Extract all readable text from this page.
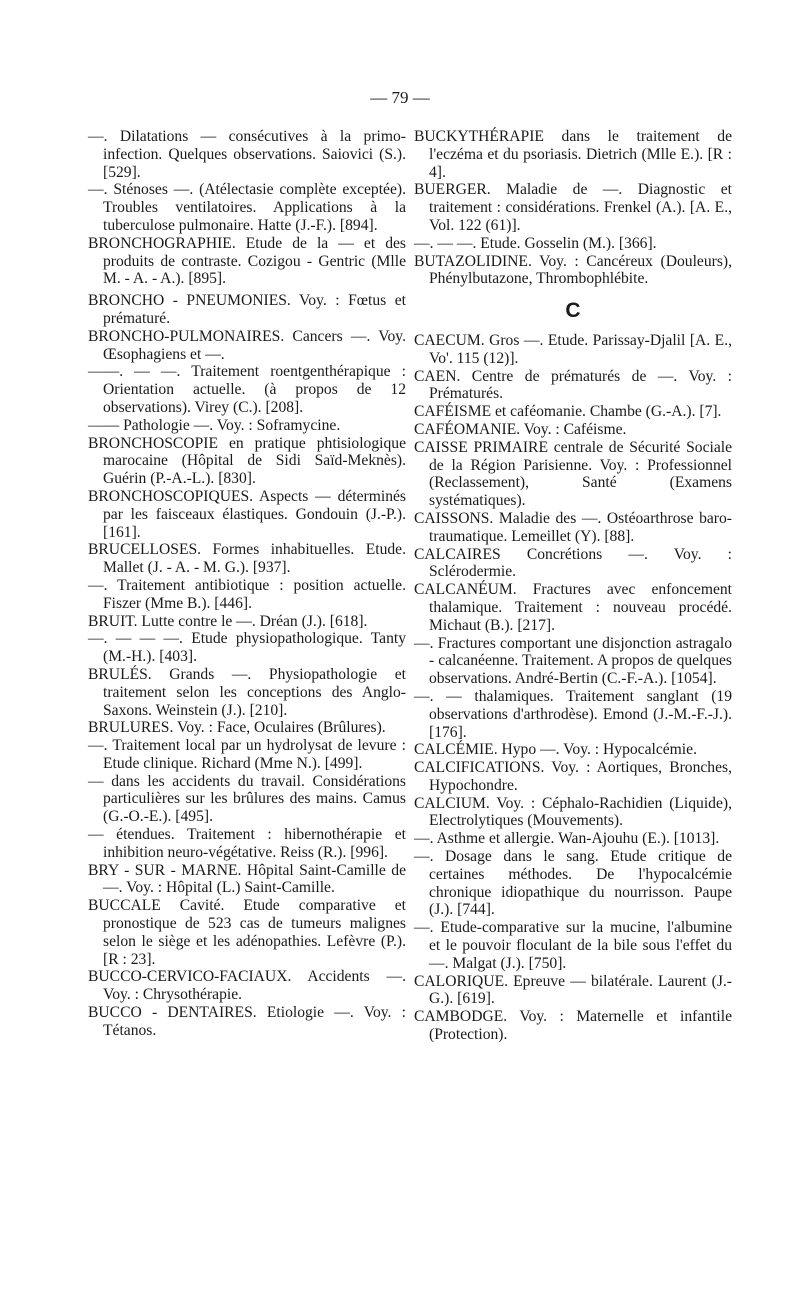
— 79 —

—. Dilatations — consécutives à la primo-infection. Quelques observations. Saiovici (S.). [529].

—. Sténoses —. (Atélectasie complète exceptée). Troubles ventilatoires. Applications à la tuberculose pulmonaire. Hatte (J.-F.). [894].

BRONCHOGRAPHIE. Etude de la — et des produits de contraste. Cozigou - Gentric (Mlle M. - A. - A.). [895].

BRONCHO - PNEUMONIES. Voy. : Fœtus et prématuré.

BRONCHO-PULMONAIRES. Cancers —. Voy. Œsophagiens et —.

——. — —. Traitement roentgenthérapique : Orientation actuelle. (à propos de 12 observations). Virey (C.). [208].

—— Pathologie —. Voy. : Soframycine.

BRONCHOSCOPIE en pratique phtisiologique marocaine (Hôpital de Sidi Saïd-Meknès). Guérin (P.-A.-L.). [830].

BRONCHOSCOPIQUES. Aspects — déterminés par les faisceaux élastiques. Gondouin (J.-P.). [161].

BRUCELLOSES. Formes inhabituelles. Etude. Mallet (J. - A. - M. G.). [937].

—. Traitement antibiotique : position actuelle. Fiszer (Mme B.). [446].

BRUIT. Lutte contre le —. Dréan (J.). [618].

—. — — —. Etude physiopathologique. Tanty (M.-H.). [403].

BRULÉS. Grands —. Physiopathologie et traitement selon les conceptions des Anglo-Saxons. Weinstein (J.). [210].

BRULURES. Voy. : Face, Oculaires (Brûlures).

—. Traitement local par un hydrolysat de levure : Etude clinique. Richard (Mme N.). [499].

— dans les accidents du travail. Considérations particulières sur les brûlures des mains. Camus (G.-O.-E.). [495].

— étendues. Traitement : hibernothérapie et inhibition neuro-végétative. Reiss (R.). [996].

BRY - SUR - MARNE. Hôpital Saint-Camille de —. Voy. : Hôpital (L.) Saint-Camille.

BUCCALE Cavité. Etude comparative et pronostique de 523 cas de tumeurs malignes selon le siège et les adénopathies. Lefèvre (P.). [R : 23].

BUCCO-CERVICO-FACIAUX. Accidents —. Voy. : Chrysothérapie.

BUCCO - DENTAIRES. Etiologie —. Voy. : Tétanos.

BUCKYTHÉRAPIE dans le traitement de l'eczéma et du psoriasis. Dietrich (Mlle E.). [R : 4].

BUERGER. Maladie de —. Diagnostic et traitement : considérations. Frenkel (A.). [A. E., Vol. 122 (61)].

—. — —. Etude. Gosselin (M.). [366].

BUTAZOLIDINE. Voy. : Cancéreux (Douleurs), Phénylbutazone, Thrombophlébite.

C

CAECUM. Gros —. Etude. Parissay-Djalil [A. E., Vo'. 115 (12)].

CAEN. Centre de prématurés de —. Voy. : Prématurés.

CAFÉISME et caféomanie. Chambe (G.-A.). [7].

CAFÉOMANIE. Voy. : Caféisme.

CAISSE PRIMAIRE centrale de Sécurité Sociale de la Région Parisienne. Voy. : Professionnel (Reclassement), Santé (Examens systématiques).

CAISSONS. Maladie des —. Ostéoarthrose baro-traumatique. Lemeillet (Y). [88].

CALCAIRES Concrétions —. Voy. : Sclérodermie.

CALCANÉUM. Fractures avec enfoncement thalamique. Traitement : nouveau procédé. Michaut (B.). [217].

—. Fractures comportant une disjonction astragalo - calcanéenne. Traitement. A propos de quelques observations. André-Bertin (C.-F.-A.). [1054].

—. — thalamiques. Traitement sanglant (19 observations d'arthrodèse). Emond (J.-M.-F.-J.). [176].

CALCÉMIE. Hypo —. Voy. : Hypocalcémie.

CALCIFICATIONS. Voy. : Aortiques, Bronches, Hypochondre.

CALCIUM. Voy. : Céphalo-Rachidien (Liquide), Electrolytiques (Mouvements).

—. Asthme et allergie. Wan-Ajouhu (E.). [1013].

—. Dosage dans le sang. Etude critique de certaines méthodes. De l'hypocalcémie chronique idiopathique du nourrisson. Paupe (J.). [744].

—. Etude-comparative sur la mucine, l'albumine et le pouvoir floculant de la bile sous l'effet du —. Malgat (J.). [750].

CALORIQUE. Epreuve — bilatérale. Laurent (J.-G.). [619].

CAMBODGE. Voy. : Maternelle et infantile (Protection).
